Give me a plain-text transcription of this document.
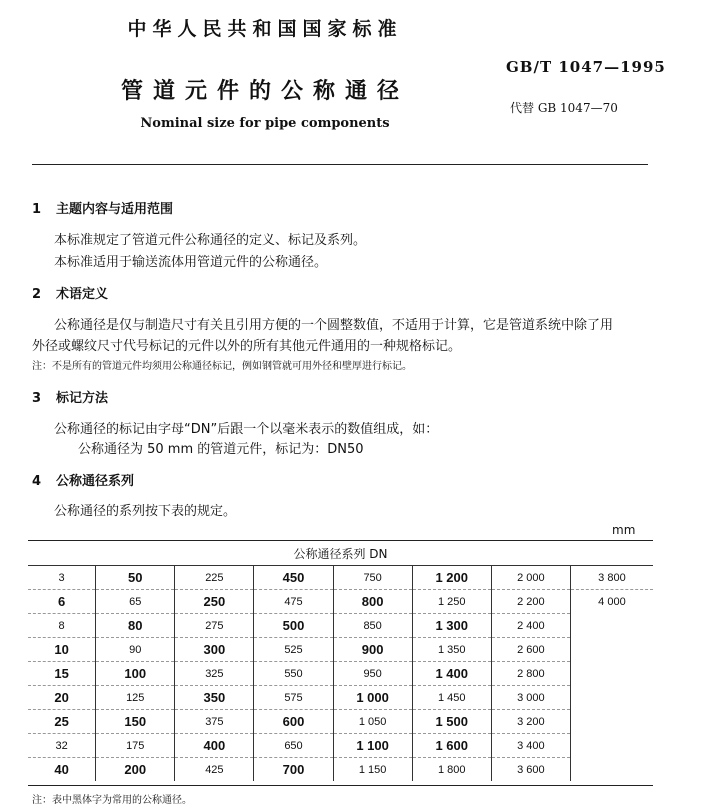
中华人民共和国国家标准
GB/T 1047—1995
管道元件的公称通径
代替 GB 1047—70
Nominal size for pipe components
1 主题内容与适用范围
本标准规定了管道元件公称通径的定义、标记及系列。
本标准适用于输送流体用管道元件的公称通径。
2 术语定义
公称通径是仅与制造尺寸有关且引用方便的一个圆整数值，不适用于计算，它是管道系统中除了用
外径或螺纹尺寸代号标记的元件以外的所有其他元件通用的一种规格标记。
注：不是所有的管道元件均须用公称通径标记，例如钢管就可用外径和壁厚进行标记。
3 标记方法
公称通径的标记由字母“DN”后跟一个以毫米表示的数值组成，如：
公称通径为 50 mm 的管道元件，标记为：DN50
4 公称通径系列
公称通径的系列按下表的规定。
mm
公称通径系列 DN							
3	50	225	450	750	1 200	2 000	3 800
6	65	250	475	800	1 250	2 200	4 000
8	80	275	500	850	1 300	2 400	
10	90	300	525	900	1 350	2 600	
15	100	325	550	950	1 400	2 800	
20	125	350	575	1 000	1 450	3 000	
25	150	375	600	1 050	1 500	3 200	
32	175	400	650	1 100	1 600	3 400	
40	200	425	700	1 150	1 800	3 600	
注：表中黑体字为常用的公称通径。
